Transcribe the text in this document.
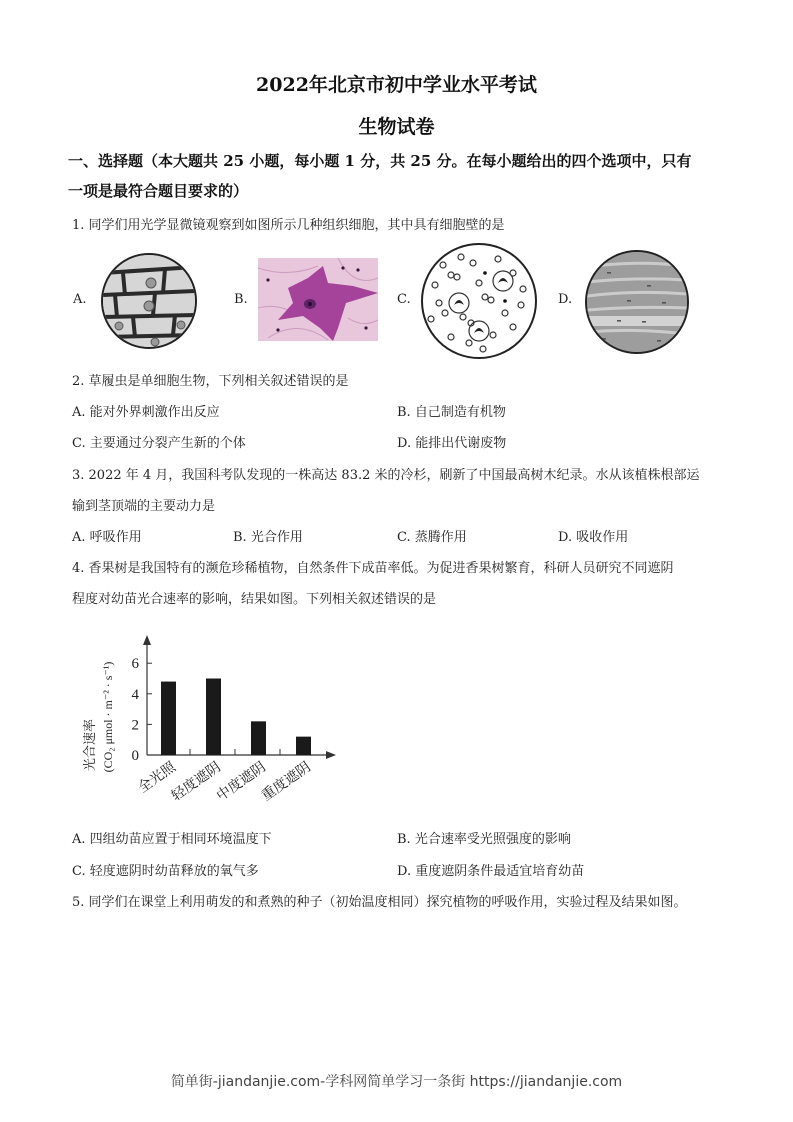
2022年北京市初中学业水平考试
生物试卷
一、选择题（本大题共 25 小题，每小题 1 分，共 25 分。在每小题给出的四个选项中，只有
一项是最符合题目要求的）
1. 同学们用光学显微镜观察到如图所示几种组织细胞，其中具有细胞壁的是
A.	B.	C.	D.
2. 草履虫是单细胞生物，下列相关叙述错误的是
A. 能对外界刺激作出反应	B. 自己制造有机物
C. 主要通过分裂产生新的个体	D. 能排出代谢废物
3. 2022 年 4 月，我国科考队发现的一株高达 83.2 米的冷杉，刷新了中国最高树木纪录。水从该植株根部运
输到茎顶端的主要动力是
A. 呼吸作用	B. 光合作用	C. 蒸腾作用	D. 吸收作用
4. 香果树是我国特有的濒危珍稀植物，自然条件下成苗率低。为促进香果树繁育，科研人员研究不同遮阴
程度对幼苗光合速率的影响，结果如图。下列相关叙述错误的是
光合速率 (CO₂ μmol · m⁻² · s⁻¹) 0
2
4
6
全光照
轻度遮阴
中度遮阴
重度遮阴
A. 四组幼苗应置于相同环境温度下	B. 光合速率受光照强度的影响
C. 轻度遮阴时幼苗释放的氧气多	D. 重度遮阴条件最适宜培育幼苗
5. 同学们在课堂上利用萌发的和煮熟的种子（初始温度相同）探究植物的呼吸作用，实验过程及结果如图。
简单街-jiandanjie.com-学科网简单学习一条街 https://jiandanjie.com
